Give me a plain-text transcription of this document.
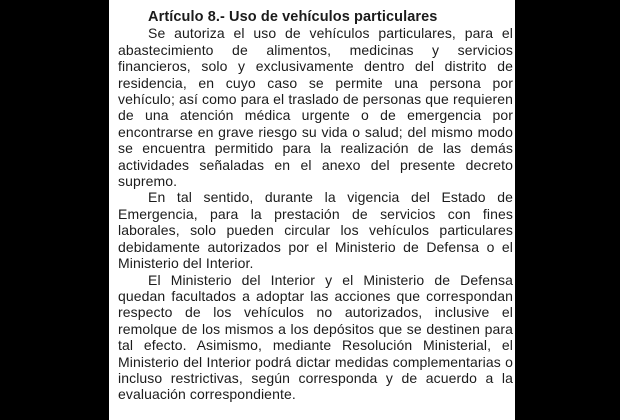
Artículo 8.- Uso de vehículos particulares

Se autoriza el uso de vehículos particulares, para el abastecimiento de alimentos, medicinas y servicios financieros, solo y exclusivamente dentro del distrito de residencia, en cuyo caso se permite una persona por vehículo; así como para el traslado de personas que requieren de una atención médica urgente o de emergencia por encontrarse en grave riesgo su vida o salud; del mismo modo se encuentra permitido para la realización de las demás actividades señaladas en el anexo del presente decreto supremo.

En tal sentido, durante la vigencia del Estado de Emergencia, para la prestación de servicios con fines laborales, solo pueden circular los vehículos particulares debidamente autorizados por el Ministerio de Defensa o el Ministerio del Interior.

El Ministerio del Interior y el Ministerio de Defensa quedan facultados a adoptar las acciones que correspondan respecto de los vehículos no autorizados, inclusive el remolque de los mismos a los depósitos que se destinen para tal efecto. Asimismo, mediante Resolución Ministerial, el Ministerio del Interior podrá dictar medidas complementarias o incluso restrictivas, según corresponda y de acuerdo a la evaluación correspondiente.
